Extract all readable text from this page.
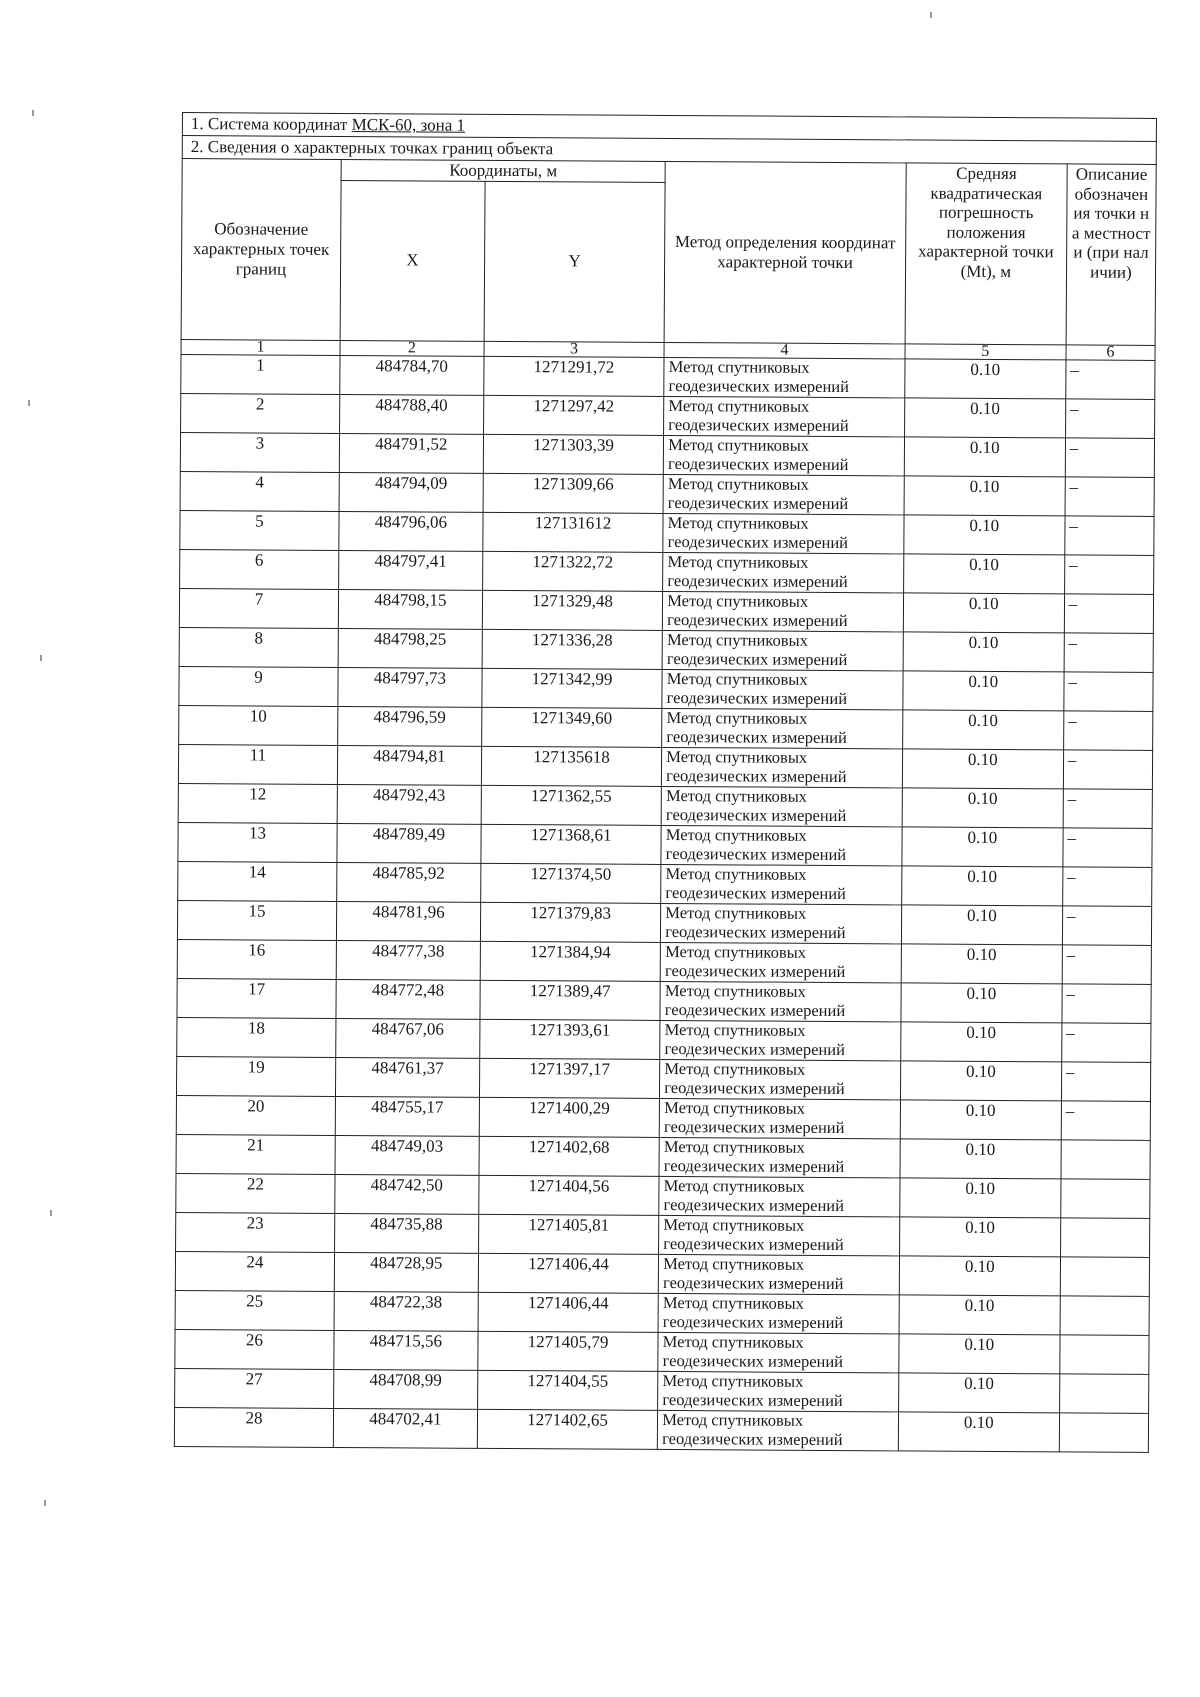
1. Система координат МСК-60, зона 1					
2. Сведения о характерных точках границ объекта					
Обозначение характерных точек границ	Координаты, м		Метод определения координат характерной точки	Средняя квадратическая погрешность положения характерной точки (Mt), м	Описание обозначения точки на местности (при наличии)
	X	Y			
1	2	3	4	5	6
1	484784,70	1271291,72	Метод спутниковых геодезических измерений	0.10	–
2	484788,40	1271297,42	Метод спутниковых геодезических измерений	0.10	–
3	484791,52	1271303,39	Метод спутниковых геодезических измерений	0.10	–
4	484794,09	1271309,66	Метод спутниковых геодезических измерений	0.10	–
5	484796,06	127131612	Метод спутниковых геодезических измерений	0.10	–
6	484797,41	1271322,72	Метод спутниковых геодезических измерений	0.10	–
7	484798,15	1271329,48	Метод спутниковых геодезических измерений	0.10	–
8	484798,25	1271336,28	Метод спутниковых геодезических измерений	0.10	–
9	484797,73	1271342,99	Метод спутниковых геодезических измерений	0.10	–
10	484796,59	1271349,60	Метод спутниковых геодезических измерений	0.10	–
11	484794,81	127135618	Метод спутниковых геодезических измерений	0.10	–
12	484792,43	1271362,55	Метод спутниковых геодезических измерений	0.10	–
13	484789,49	1271368,61	Метод спутниковых геодезических измерений	0.10	–
14	484785,92	1271374,50	Метод спутниковых геодезических измерений	0.10	–
15	484781,96	1271379,83	Метод спутниковых геодезических измерений	0.10	–
16	484777,38	1271384,94	Метод спутниковых геодезических измерений	0.10	–
17	484772,48	1271389,47	Метод спутниковых геодезических измерений	0.10	–
18	484767,06	1271393,61	Метод спутниковых геодезических измерений	0.10	–
19	484761,37	1271397,17	Метод спутниковых геодезических измерений	0.10	–
20	484755,17	1271400,29	Метод спутниковых геодезических измерений	0.10	–
21	484749,03	1271402,68	Метод спутниковых геодезических измерений	0.10	
22	484742,50	1271404,56	Метод спутниковых геодезических измерений	0.10	
23	484735,88	1271405,81	Метод спутниковых геодезических измерений	0.10	
24	484728,95	1271406,44	Метод спутниковых геодезических измерений	0.10	
25	484722,38	1271406,44	Метод спутниковых геодезических измерений	0.10	
26	484715,56	1271405,79	Метод спутниковых геодезических измерений	0.10	
27	484708,99	1271404,55	Метод спутниковых геодезических измерений	0.10	
28	484702,41	1271402,65	Метод спутниковых геодезических измерений	0.10	
